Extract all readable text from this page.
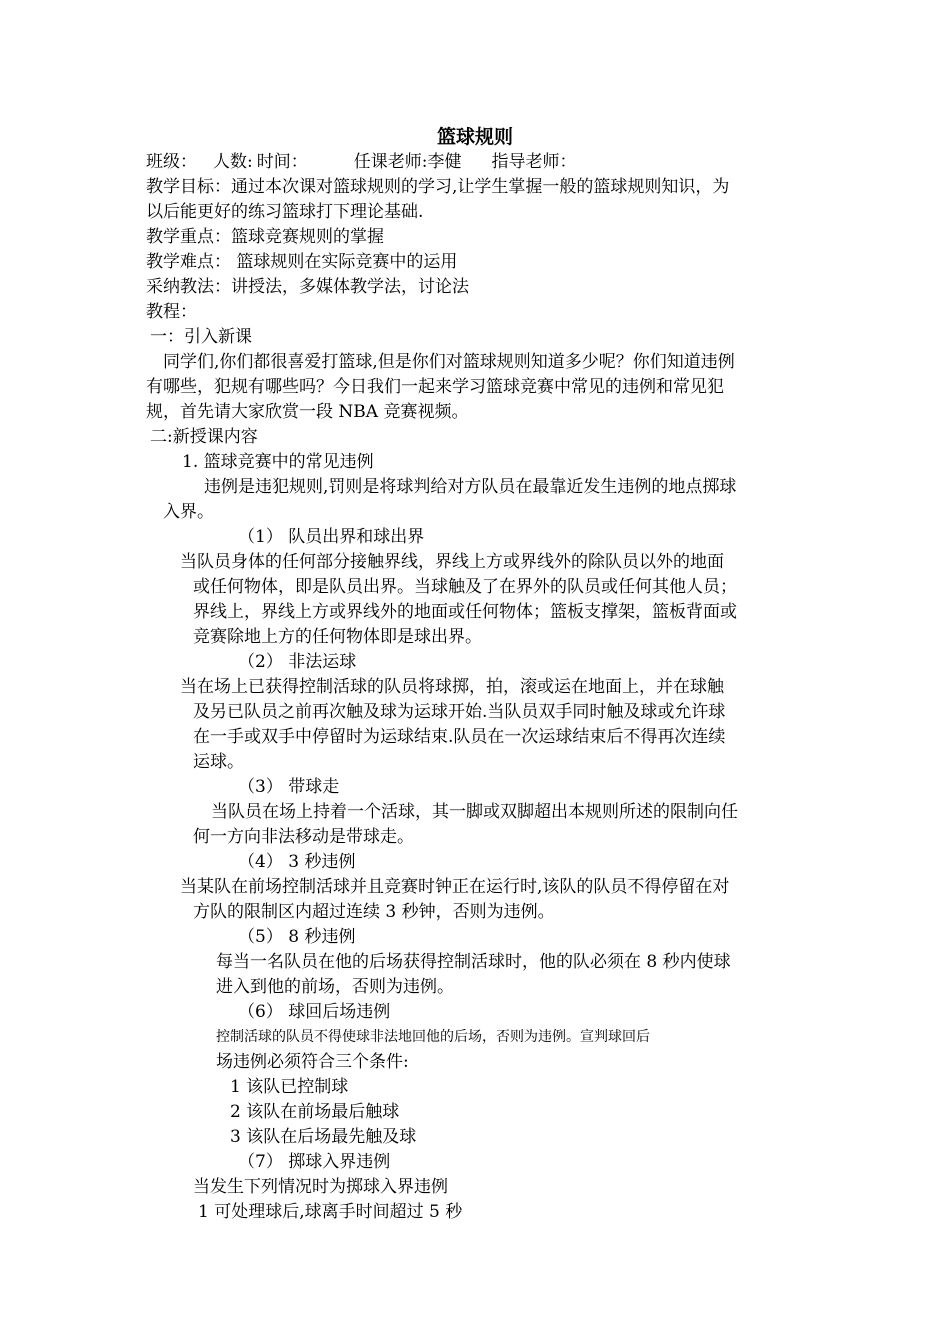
篮球规则
班级： 人数: 时间：	任课老师:李健 指导老师：
教学目标：通过本次课对篮球规则的学习,让学生掌握一般的篮球规则知识，为
以后能更好的练习篮球打下理论基础.
教学重点：篮球竞赛规则的掌握
教学难点： 篮球规则在实际竞赛中的运用
采纳教法：讲授法，多媒体教学法，讨论法
教程：
一：引入新课
同学们,你们都很喜爱打篮球,但是你们对篮球规则知道多少呢？你们知道违例
有哪些，犯规有哪些吗？今日我们一起来学习篮球竞赛中常见的违例和常见犯
规，首先请大家欣赏一段 NBA 竞赛视频。
二:新授课内容
1. 篮球竞赛中的常见违例
违例是违犯规则,罚则是将球判给对方队员在最靠近发生违例的地点掷球
入界。
（1） 队员出界和球出界
当队员身体的任何部分接触界线，界线上方或界线外的除队员以外的地面
或任何物体，即是队员出界。当球触及了在界外的队员或任何其他人员；
界线上，界线上方或界线外的地面或任何物体；篮板支撑架，篮板背面或
竞赛除地上方的任何物体即是球出界。
（2） 非法运球
当在场上已获得控制活球的队员将球掷，拍，滚或运在地面上，并在球触
及另已队员之前再次触及球为运球开始.当队员双手同时触及球或允许球
在一手或双手中停留时为运球结束.队员在一次运球结束后不得再次连续
运球。
（3） 带球走
当队员在场上持着一个活球，其一脚或双脚超出本规则所述的限制向任
何一方向非法移动是带球走。
（4） 3 秒违例
当某队在前场控制活球并且竞赛时钟正在运行时,该队的队员不得停留在对
方队的限制区内超过连续 3 秒钟，否则为违例。
（5） 8 秒违例
每当一名队员在他的后场获得控制活球时，他的队必须在 8 秒内使球
进入到他的前场，否则为违例。
（6） 球回后场违例
控制活球的队员不得使球非法地回他的后场，否则为违例。宣判球回后
场违例必须符合三个条件:
1 该队已控制球
2 该队在前场最后触球
3 该队在后场最先触及球
（7） 掷球入界违例
当发生下列情况时为掷球入界违例
1 可处理球后,球离手时间超过 5 秒
